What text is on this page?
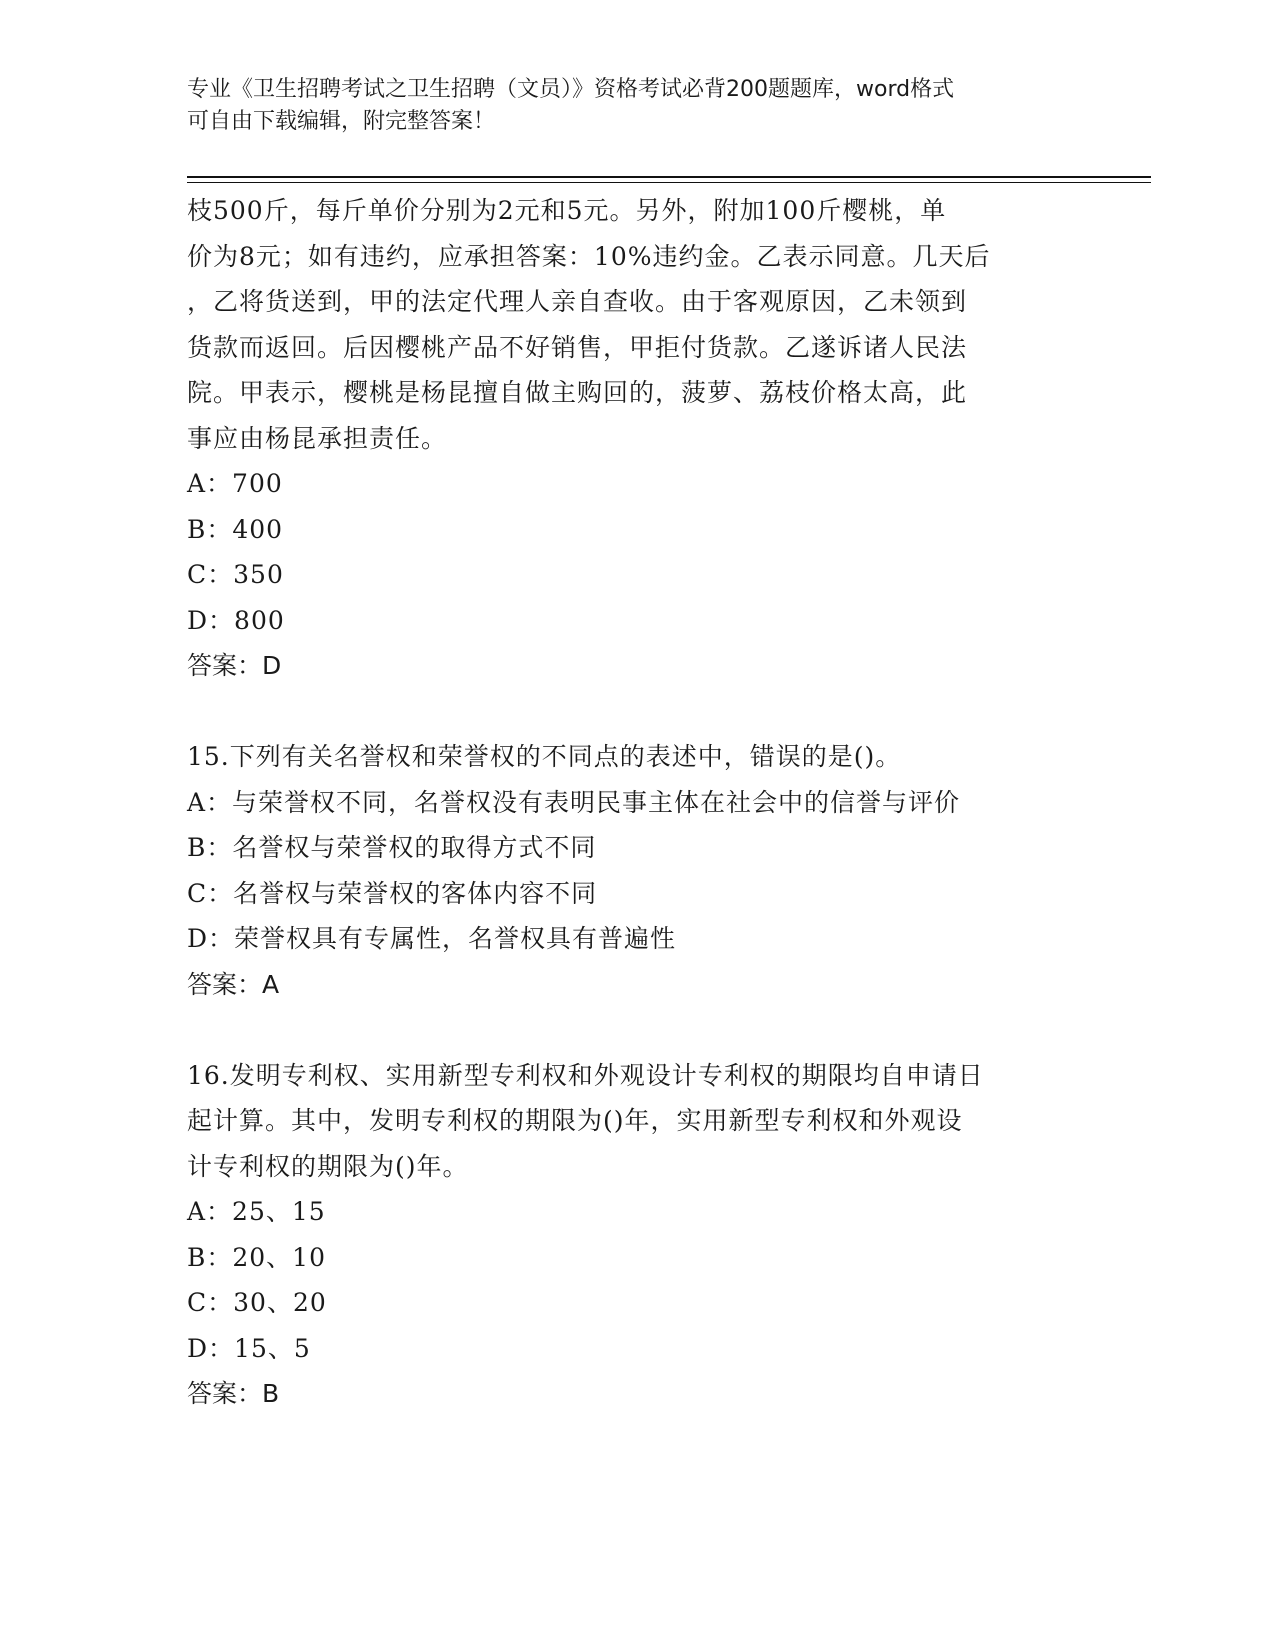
专业《卫生招聘考试之卫生招聘（文员）》资格考试必背200题题库，word格式
可自由下载编辑，附完整答案！
枝500斤，每斤单价分别为2元和5元。另外，附加100斤樱桃，单
价为8元；如有违约，应承担答案：10%违约金。乙表示同意。几天后
，乙将货送到，甲的法定代理人亲自查收。由于客观原因，乙未领到
货款而返回。后因樱桃产品不好销售，甲拒付货款。乙遂诉诸人民法
院。甲表示，樱桃是杨昆擅自做主购回的，菠萝、荔枝价格太高，此
事应由杨昆承担责任。
A：700
B：400
C：350
D：800
答案：D
15.下列有关名誉权和荣誉权的不同点的表述中，错误的是()。
A：与荣誉权不同，名誉权没有表明民事主体在社会中的信誉与评价
B：名誉权与荣誉权的取得方式不同
C：名誉权与荣誉权的客体内容不同
D：荣誉权具有专属性，名誉权具有普遍性
答案：A
16.发明专利权、实用新型专利权和外观设计专利权的期限均自申请日
起计算。其中，发明专利权的期限为()年，实用新型专利权和外观设
计专利权的期限为()年。
A：25、15
B：20、10
C：30、20
D：15、5
答案：B
